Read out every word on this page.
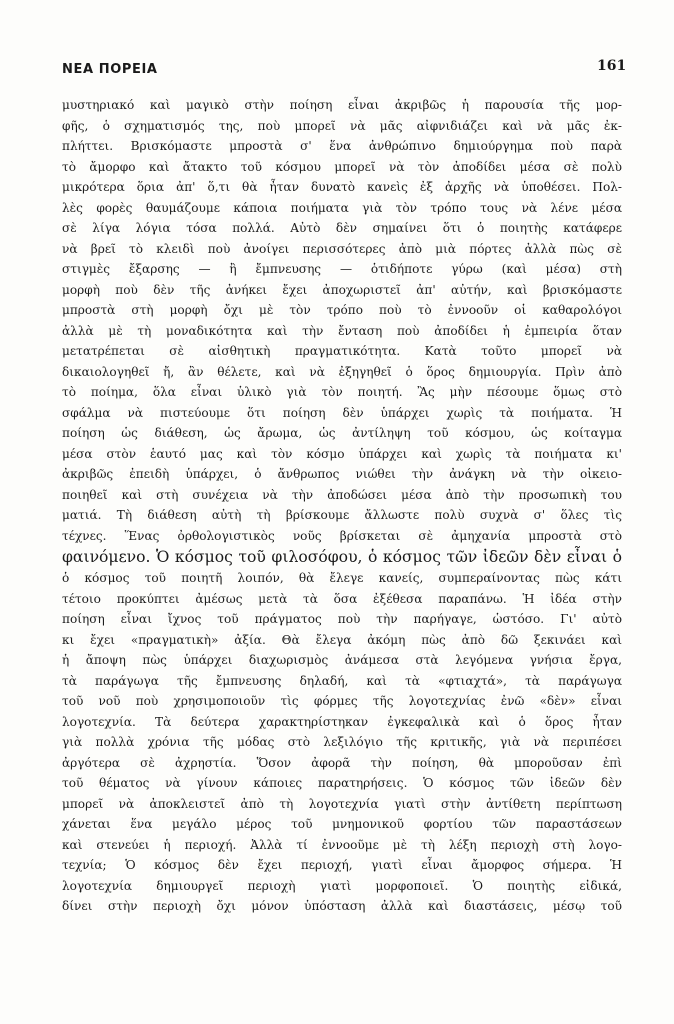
ΝΕΑ ΠΟΡΕΙΑ	161
μυστηριακό καὶ μαγικὸ στὴν ποίηση εἶναι ἀκριβῶς ἡ παρουσία τῆς μορ-
φῆς, ὁ σχηματισμός της, ποὺ μπορεῖ νὰ μᾶς αἰφνιδιάζει καὶ νὰ μᾶς ἐκ-
πλήττει. Βρισκόμαστε μπροστὰ σ' ἕνα ἀνθρώπινο δημιούργημα ποὺ παρὰ
τὸ ἄμορφο καὶ ἄτακτο τοῦ κόσμου μπορεῖ νὰ τὸν ἀποδίδει μέσα σὲ πολὺ
μικρότερα ὅρια ἀπ' ὅ,τι θὰ ἦταν δυνατὸ κανεὶς ἐξ ἀρχῆς νὰ ὑποθέσει. Πολ-
λὲς φορὲς θαυμάζουμε κάποια ποιήματα γιὰ τὸν τρόπο τους νὰ λένε μέσα
σὲ λίγα λόγια τόσα πολλά. Αὐτὸ δὲν σημαίνει ὅτι ὁ ποιητὴς κατάφερε
νὰ βρεῖ τὸ κλειδὶ ποὺ ἀνοίγει περισσότερες ἀπὸ μιὰ πόρτες ἀλλὰ πὼς σὲ
στιγμὲς ἔξαρσης — ἢ ἔμπνευσης — ὁτιδήποτε γύρω (καὶ μέσα) στὴ
μορφὴ ποὺ δὲν τῆς ἀνήκει ἔχει ἀποχωριστεῖ ἀπ' αὐτήν, καὶ βρισκόμαστε
μπροστὰ στὴ μορφὴ ὄχι μὲ τὸν τρόπο ποὺ τὸ ἐννοοῦν οἱ καθαρολόγοι
ἀλλὰ μὲ τὴ μοναδικότητα καὶ τὴν ἔνταση ποὺ ἀποδίδει ἡ ἐμπειρία ὅταν
μετατρέπεται σὲ αἰσθητικὴ πραγματικότητα. Κατὰ τοῦτο μπορεῖ νὰ
δικαιολογηθεῖ ἤ, ἂν θέλετε, καὶ νὰ ἐξηγηθεῖ ὁ ὅρος δημιουργία. Πρὶν ἀπὸ
τὸ ποίημα, ὅλα εἶναι ὑλικὸ γιὰ τὸν ποιητή. Ἂς μὴν πέσουμε ὅμως στὸ
σφάλμα νὰ πιστεύουμε ὅτι ποίηση δὲν ὑπάρχει χωρὶς τὰ ποιήματα. Ἡ
ποίηση ὡς διάθεση, ὡς ἄρωμα, ὡς ἀντίληψη τοῦ κόσμου, ὡς κοίταγμα
μέσα στὸν ἑαυτό μας καὶ τὸν κόσμο ὑπάρχει καὶ χωρὶς τὰ ποιήματα κι'
ἀκριβῶς ἐπειδὴ ὑπάρχει, ὁ ἄνθρωπος νιώθει τὴν ἀνάγκη νὰ τὴν οἰκειο-
ποιηθεῖ καὶ στὴ συνέχεια νὰ τὴν ἀποδώσει μέσα ἀπὸ τὴν προσωπικὴ του
ματιά. Τὴ διάθεση αὐτὴ τὴ βρίσκουμε ἄλλωστε πολὺ συχνὰ σ' ὅλες τὶς
τέχνες. Ἕνας ὀρθολογιστικὸς νοῦς βρίσκεται σὲ ἀμηχανία μπροστὰ στὸ
φαινόμενο. Ὁ κόσμος τοῦ φιλοσόφου, ὁ κόσμος τῶν ἰδεῶν δὲν εἶναι ὁ
ὁ κόσμος τοῦ ποιητῆ λοιπόν, θὰ ἔλεγε κανείς, συμπεραίνοντας πὼς κάτι
τέτοιο προκύπτει ἀμέσως μετὰ τὰ ὅσα ἐξέθεσα παραπάνω. Ἡ ἰδέα στὴν
ποίηση εἶναι ἴχνος τοῦ πράγματος ποὺ τὴν παρήγαγε, ὡστόσο. Γι' αὐτὸ
κι ἔχει «πραγματικὴ» ἀξία. Θὰ ἔλεγα ἀκόμη πὼς ἀπὸ δῶ ξεκινάει καὶ
ἡ ἄποψη πὼς ὑπάρχει διαχωρισμὸς ἀνάμεσα στὰ λεγόμενα γνήσια ἔργα,
τὰ παράγωγα τῆς ἔμπνευσης δηλαδή, καὶ τὰ «φτιαχτά», τὰ παράγωγα
τοῦ νοῦ ποὺ χρησιμοποιοῦν τὶς φόρμες τῆς λογοτεχνίας ἐνῶ «δὲν» εἶναι
λογοτεχνία. Τὰ δεύτερα χαρακτηρίστηκαν ἐγκεφαλικὰ καὶ ὁ ὅρος ἦταν
γιὰ πολλὰ χρόνια τῆς μόδας στὸ λεξιλόγιο τῆς κριτικῆς, γιὰ νὰ περιπέσει
ἀργότερα σὲ ἀχρηστία. Ὅσον ἀφορᾶ τὴν ποίηση, θὰ μποροῦσαν ἐπὶ
τοῦ θέματος νὰ γίνουν κάποιες παρατηρήσεις. Ὁ κόσμος τῶν ἰδεῶν δὲν
μπορεῖ νὰ ἀποκλειστεῖ ἀπὸ τὴ λογοτεχνία γιατὶ στὴν ἀντίθετη περίπτωση
χάνεται ἕνα μεγάλο μέρος τοῦ μνημονικοῦ φορτίου τῶν παραστάσεων
καὶ στενεύει ἡ περιοχή. Ἀλλὰ τί ἐννοοῦμε μὲ τὴ λέξη περιοχὴ στὴ λογο-
τεχνία; Ὁ κόσμος δὲν ἔχει περιοχή, γιατὶ εἶναι ἄμορφος σήμερα. Ἡ
λογοτεχνία δημιουργεῖ περιοχὴ γιατὶ μορφοποιεῖ. Ὁ ποιητὴς εἰδικά,
δίνει στὴν περιοχὴ ὄχι μόνον ὑπόσταση ἀλλὰ καὶ διαστάσεις, μέσῳ τοῦ
